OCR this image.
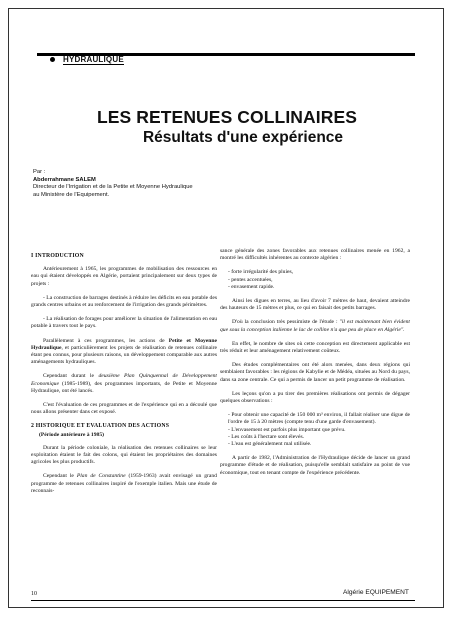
HYDRAULIQUE
LES RETENUES COLLINAIRES
Résultats d'une expérience
Par :
Abderrahmane SALEM
Directeur de l'Irrigation et de la Petite et Moyenne Hydraulique
au Ministère de l'Equipement.
I INTRODUCTION

Antérieurement à 1965, les programmes de mobilisation des ressources en eau qui étaient développés en Algérie, portaient principalement sur deux types de projets :

- La construction de barrages destinés à réduire les déficits en eau potable des grands centres urbains et au renforcement de l'irrigation des grands périmètres.

- La réalisation de forages pour améliorer la situation de l'alimentation en eau potable à travers tout le pays.

Parallèlement à ces programmes, les actions de Petite et Moyenne Hydraulique, et particulièrement les projets de réalisation de retenues collinaire étant peu connus, pour plusieurs raisons, un développement comparable aux autres aménagements hydrauliques.

Cependant durant le deuxième Plan Quinquennal de Développement Economique (1985-1989), des programmes importants, de Petite et Moyenne Hydraulique, ont été lancés.

C'est l'évaluation de ces programmes et de l'expérience qui en a découlé que nous allons présenter dans cet exposé.

2 HISTORIQUE ET EVALUATION DES ACTIONS
(Période antérieure à 1985)

Durant la période coloniale, la réalisation des retenues collinaires se leur exploitation étaient le fait des colons, qui étaient les propriétaires des domaines agricoles les plus productifs.

Cependant le Plan de Constantine (1959-1963) avait envisagé un grand programme de retenues collinaires inspiré de l'exemple italien. Mais une étude de reconnais-

sance générale des zones favorables aux retenues collinaires menée en 1962, a montré les difficultés inhérentes au contexte algérien :

- forte irrégularité des pluies,
- pentes accentuées,
- envasement rapide.

Ainsi les digues en terres, au lieu d'avoir 7 mètres de haut, devaient atteindre des hauteurs de 15 mètres et plus, ce qui en faisait des petits barrages.

D'où la conclusion très pessimiste de l'étude : "il est maintenant bien évident que sous la conception italienne le lac de colline n'a que peu de place en Algérie".

En effet, le nombre de sites où cette conception est directement applicable est très réduit et leur aménagement relativement coûteux.

Des études complémentaires ont été alors menées, dans deux régions qui semblaient favorables : les régions de Kabylie et de Médéa, situées au Nord du pays, dans sa zone centrale. Ce qui a permis de lancer un petit programme de réalisation.

Les leçons qu'on a pu tirer des premières réalisations ont permis de dégager quelques observations :

- Pour obtenir une capacité de 150 000 m³ environ, il fallait réaliser une digue de l'ordre de 15 à 20 mètres (compte tenu d'une garde d'envasement).
- L'envasement est parfois plus important que prévu.
- Les coûts à l'hectare sont élevés.
- L'eau est généralement mal utilisée.

A partir de 1982, l'Administration de l'Hydraulique décide de lancer un grand programme d'étude et de réalisation, puisqu'elle semblait satisfaire au point de vue économique, tout en tenant compte de l'expérience précédente.

10	Algérie EQUIPEMENT
